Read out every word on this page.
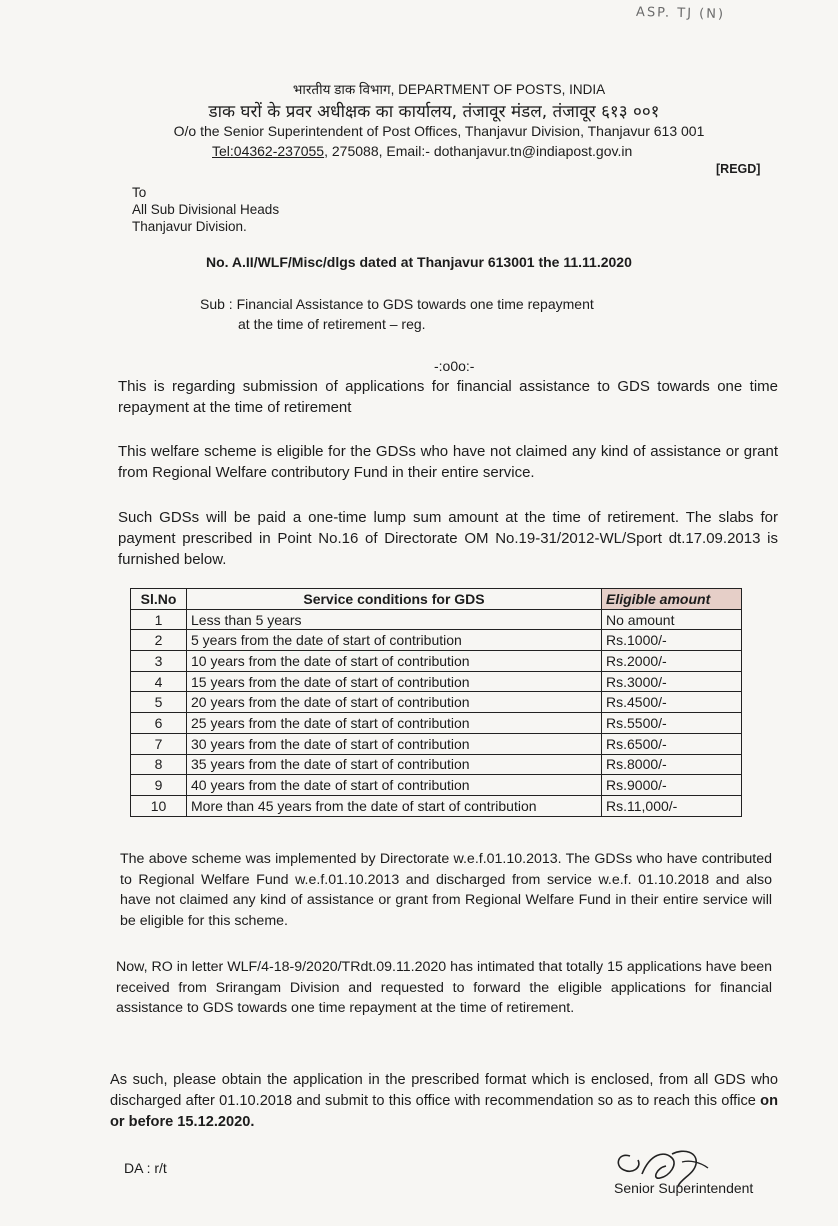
ASP. TJ (N)
भारतीय डाक विभाग, DEPARTMENT OF POSTS, INDIA
डाक घरों के प्रवर अधीक्षक का कार्यालय, तंजावूर मंडल, तंजावूर ६१३ ००१
O/o the Senior Superintendent of Post Offices, Thanjavur Division, Thanjavur 613 001
Tel:04362-237055, 275088, Email:- dothanjavur.tn@indiapost.gov.in
[REGD]
To
All Sub Divisional Heads
Thanjavur Division.
No. A.II/WLF/Misc/dlgs dated at Thanjavur 613001 the 11.11.2020
Sub : Financial Assistance to GDS towards one time repayment
at the time of retirement – reg.
-:o0o:-
This is regarding submission of applications for financial assistance to GDS towards one time repayment at the time of retirement
This welfare scheme is eligible for the GDSs who have not claimed any kind of assistance or grant from Regional Welfare contributory Fund in their entire service.
Such GDSs will be paid a one-time lump sum amount at the time of retirement. The slabs for payment prescribed in Point No.16 of Directorate OM No.19-31/2012-WL/Sport dt.17.09.2013 is furnished below.
Sl.No	Service conditions for GDS	Eligible amount
1	Less than 5 years	No amount
2	5 years from the date of start of contribution	Rs.1000/-
3	10 years from the date of start of contribution	Rs.2000/-
4	15 years from the date of start of contribution	Rs.3000/-
5	20 years from the date of start of contribution	Rs.4500/-
6	25 years from the date of start of contribution	Rs.5500/-
7	30 years from the date of start of contribution	Rs.6500/-
8	35 years from the date of start of contribution	Rs.8000/-
9	40 years from the date of start of contribution	Rs.9000/-
10	More than 45 years from the date of start of contribution	Rs.11,000/-
The above scheme was implemented by Directorate w.e.f.01.10.2013. The GDSs who have contributed to Regional Welfare Fund w.e.f.01.10.2013 and discharged from service w.e.f. 01.10.2018 and also have not claimed any kind of assistance or grant from Regional Welfare Fund in their entire service will be eligible for this scheme.
Now, RO in letter WLF/4-18-9/2020/TRdt.09.11.2020 has intimated that totally 15 applications have been received from Srirangam Division and requested to forward the eligible applications for financial assistance to GDS towards one time repayment at the time of retirement.
As such, please obtain the application in the prescribed format which is enclosed, from all GDS who discharged after 01.10.2018 and submit to this office with recommendation so as to reach this office on or before 15.12.2020.
DA : r/t
Senior Superintendent
